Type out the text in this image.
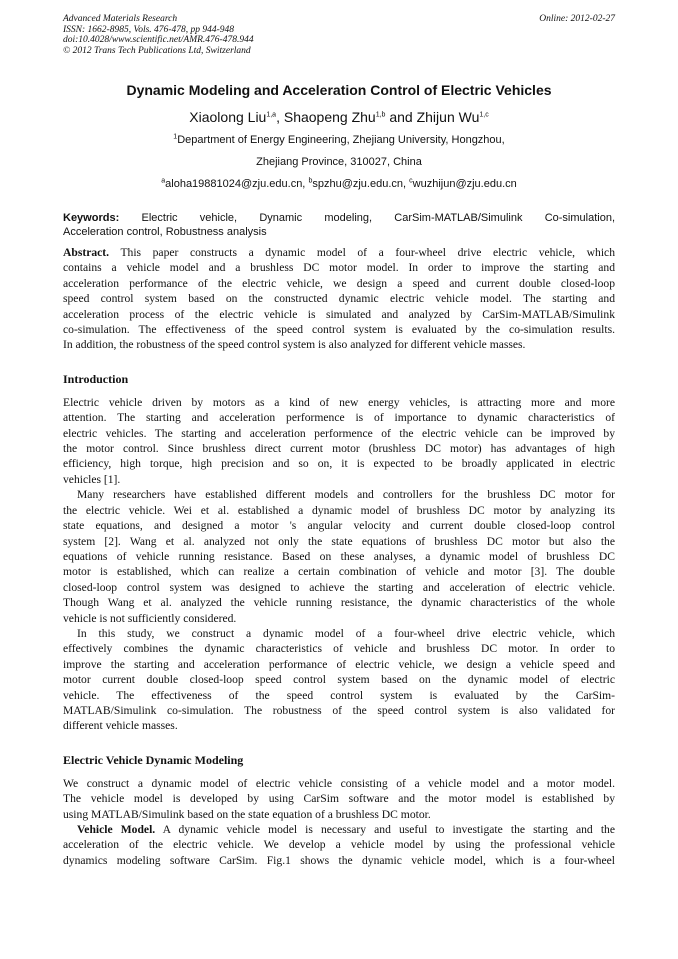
Advanced Materials Research
ISSN: 1662-8985, Vols. 476-478, pp 944-948
doi:10.4028/www.scientific.net/AMR.476-478.944
© 2012 Trans Tech Publications Ltd, Switzerland
Online: 2012-02-27
Dynamic Modeling and Acceleration Control of Electric Vehicles
Xiaolong Liu$^{1,a}$, Shaopeng Zhu$^{1,b}$ and Zhijun Wu$^{1,c}$
$^1$Department of Energy Engineering, Zhejiang University, Hongzhou,
Zhejiang Province, 310027, China
$^a$aloha19881024@zju.edu.cn, $^b$spzhu@zju.edu.cn, $^c$wuzhijun@zju.edu.cn
Keywords: Electric vehicle, Dynamic modeling, CarSim-MATLAB/Simulink Co-simulation,
Acceleration control, Robustness analysis
Abstract. This paper constructs a dynamic model of a four-wheel drive electric vehicle, which
contains a vehicle model and a brushless DC motor model. In order to improve the starting and
acceleration performance of the electric vehicle, we design a speed and current double closed-loop
speed control system based on the constructed dynamic electric vehicle model. The starting and
acceleration process of the electric vehicle is simulated and analyzed by CarSim-MATLAB/Simulink
co-simulation. The effectiveness of the speed control system is evaluated by the co-simulation results.
In addition, the robustness of the speed control system is also analyzed for different vehicle masses.
Introduction
Electric vehicle driven by motors as a kind of new energy vehicles, is attracting more and more
attention. The starting and acceleration performence is of importance to dynamic characteristics of
electric vehicles. The starting and acceleration performence of the electric vehicle can be improved by
the motor control. Since brushless direct current motor (brushless DC motor) has advantages of high
efficiency, high torque, high precision and so on, it is expected to be broadly applicated in electric
vehicles [1].
Many researchers have established different models and controllers for the brushless DC motor for
the electric vehicle. Wei et al. established a dynamic model of brushless DC motor by analyzing its
state equations, and designed a motor 's angular velocity and current double closed-loop control
system [2]. Wang et al. analyzed not only the state equations of brushless DC motor but also the
equations of vehicle running resistance. Based on these analyses, a dynamic model of brushless DC
motor is established, which can realize a certain combination of vehicle and motor [3]. The double
closed-loop control system was designed to achieve the starting and acceleration of electric vehicle.
Though Wang et al. analyzed the vehicle running resistance, the dynamic characteristics of the whole
vehicle is not sufficiently considered.
In this study, we construct a dynamic model of a four-wheel drive electric vehicle, which
effectively combines the dynamic characteristics of vehicle and brushless DC motor. In order to
improve the starting and acceleration performance of electric vehicle, we design a vehicle speed and
motor current double closed-loop speed control system based on the dynamic model of electric
vehicle. The effectiveness of the speed control system is evaluated by the CarSim-
MATLAB/Simulink co-simulation. The robustness of the speed control system is also validated for
different vehicle masses.
Electric Vehicle Dynamic Modeling
We construct a dynamic model of electric vehicle consisting of a vehicle model and a motor model.
The vehicle model is developed by using CarSim software and the motor model is established by
using MATLAB/Simulink based on the state equation of a brushless DC motor.
Vehicle Model. A dynamic vehicle model is necessary and useful to investigate the starting and the
acceleration of the electric vehicle. We develop a vehicle model by using the professional vehicle
dynamics modeling software CarSim. Fig.1 shows the dynamic vehicle model, which is a four-wheel
